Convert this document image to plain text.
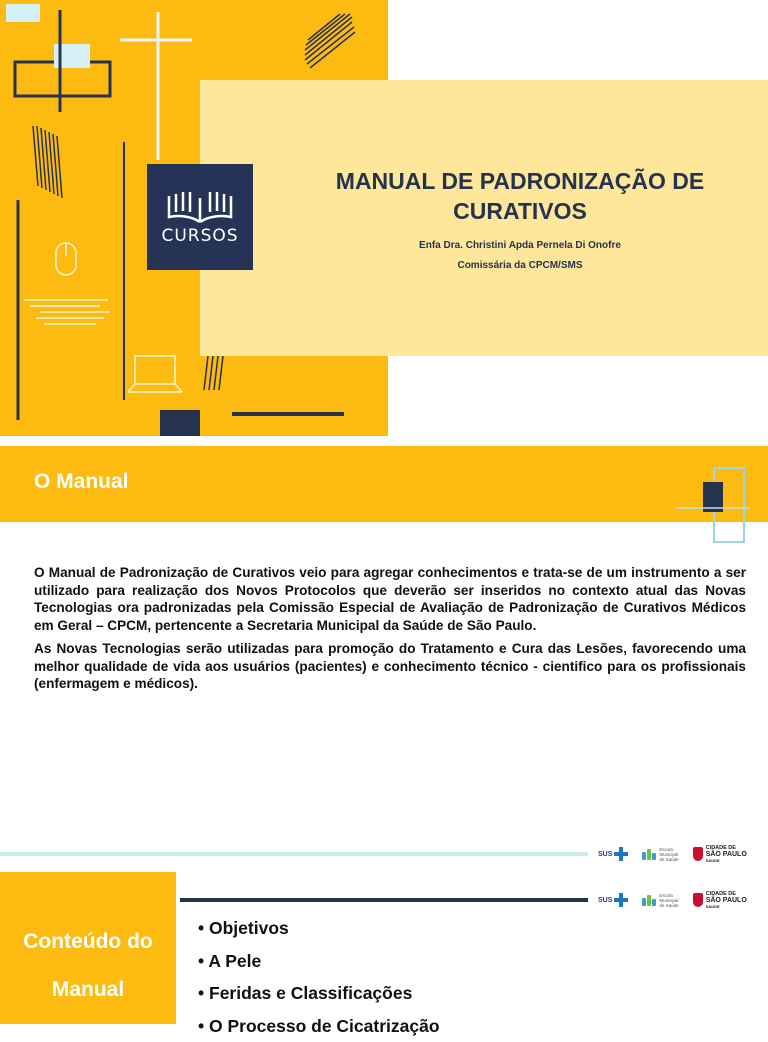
CURSOS
MANUAL DE PADRONIZAÇÃO DE
CURATIVOS
Enfa Dra. Christini Apda Pernela Di Onofre
Comissária da CPCM/SMS
O Manual

O Manual de Padronização de Curativos veio para agregar conhecimentos e trata-se de um instrumento a ser utilizado para realização dos Novos Protocolos que deverão ser inseridos no contexto atual das Novas Tecnologias ora padronizadas pela Comissão Especial de Avaliação de Padronização de Curativos Médicos em Geral – CPCM, pertencente a Secretaria Municipal da Saúde de São Paulo.

As Novas Tecnologias serão utilizadas para promoção do Tratamento e Cura das Lesões, favorecendo uma melhor qualidade de vida aos usuários (pacientes) e conhecimento técnico - cientifico para os profissionais (enfermagem e médicos).

SUS
Escola
Municipal
de Saúde
CIDADE DE
SÃO PAULO
SAÚDE
Conteúdo do
Manual
SUS
Escola
Municipal
de Saúde
CIDADE DE
SÃO PAULO
SAÚDE
• Objetivos
• A Pele
• Feridas e Classificações
• O Processo de Cicatrização
